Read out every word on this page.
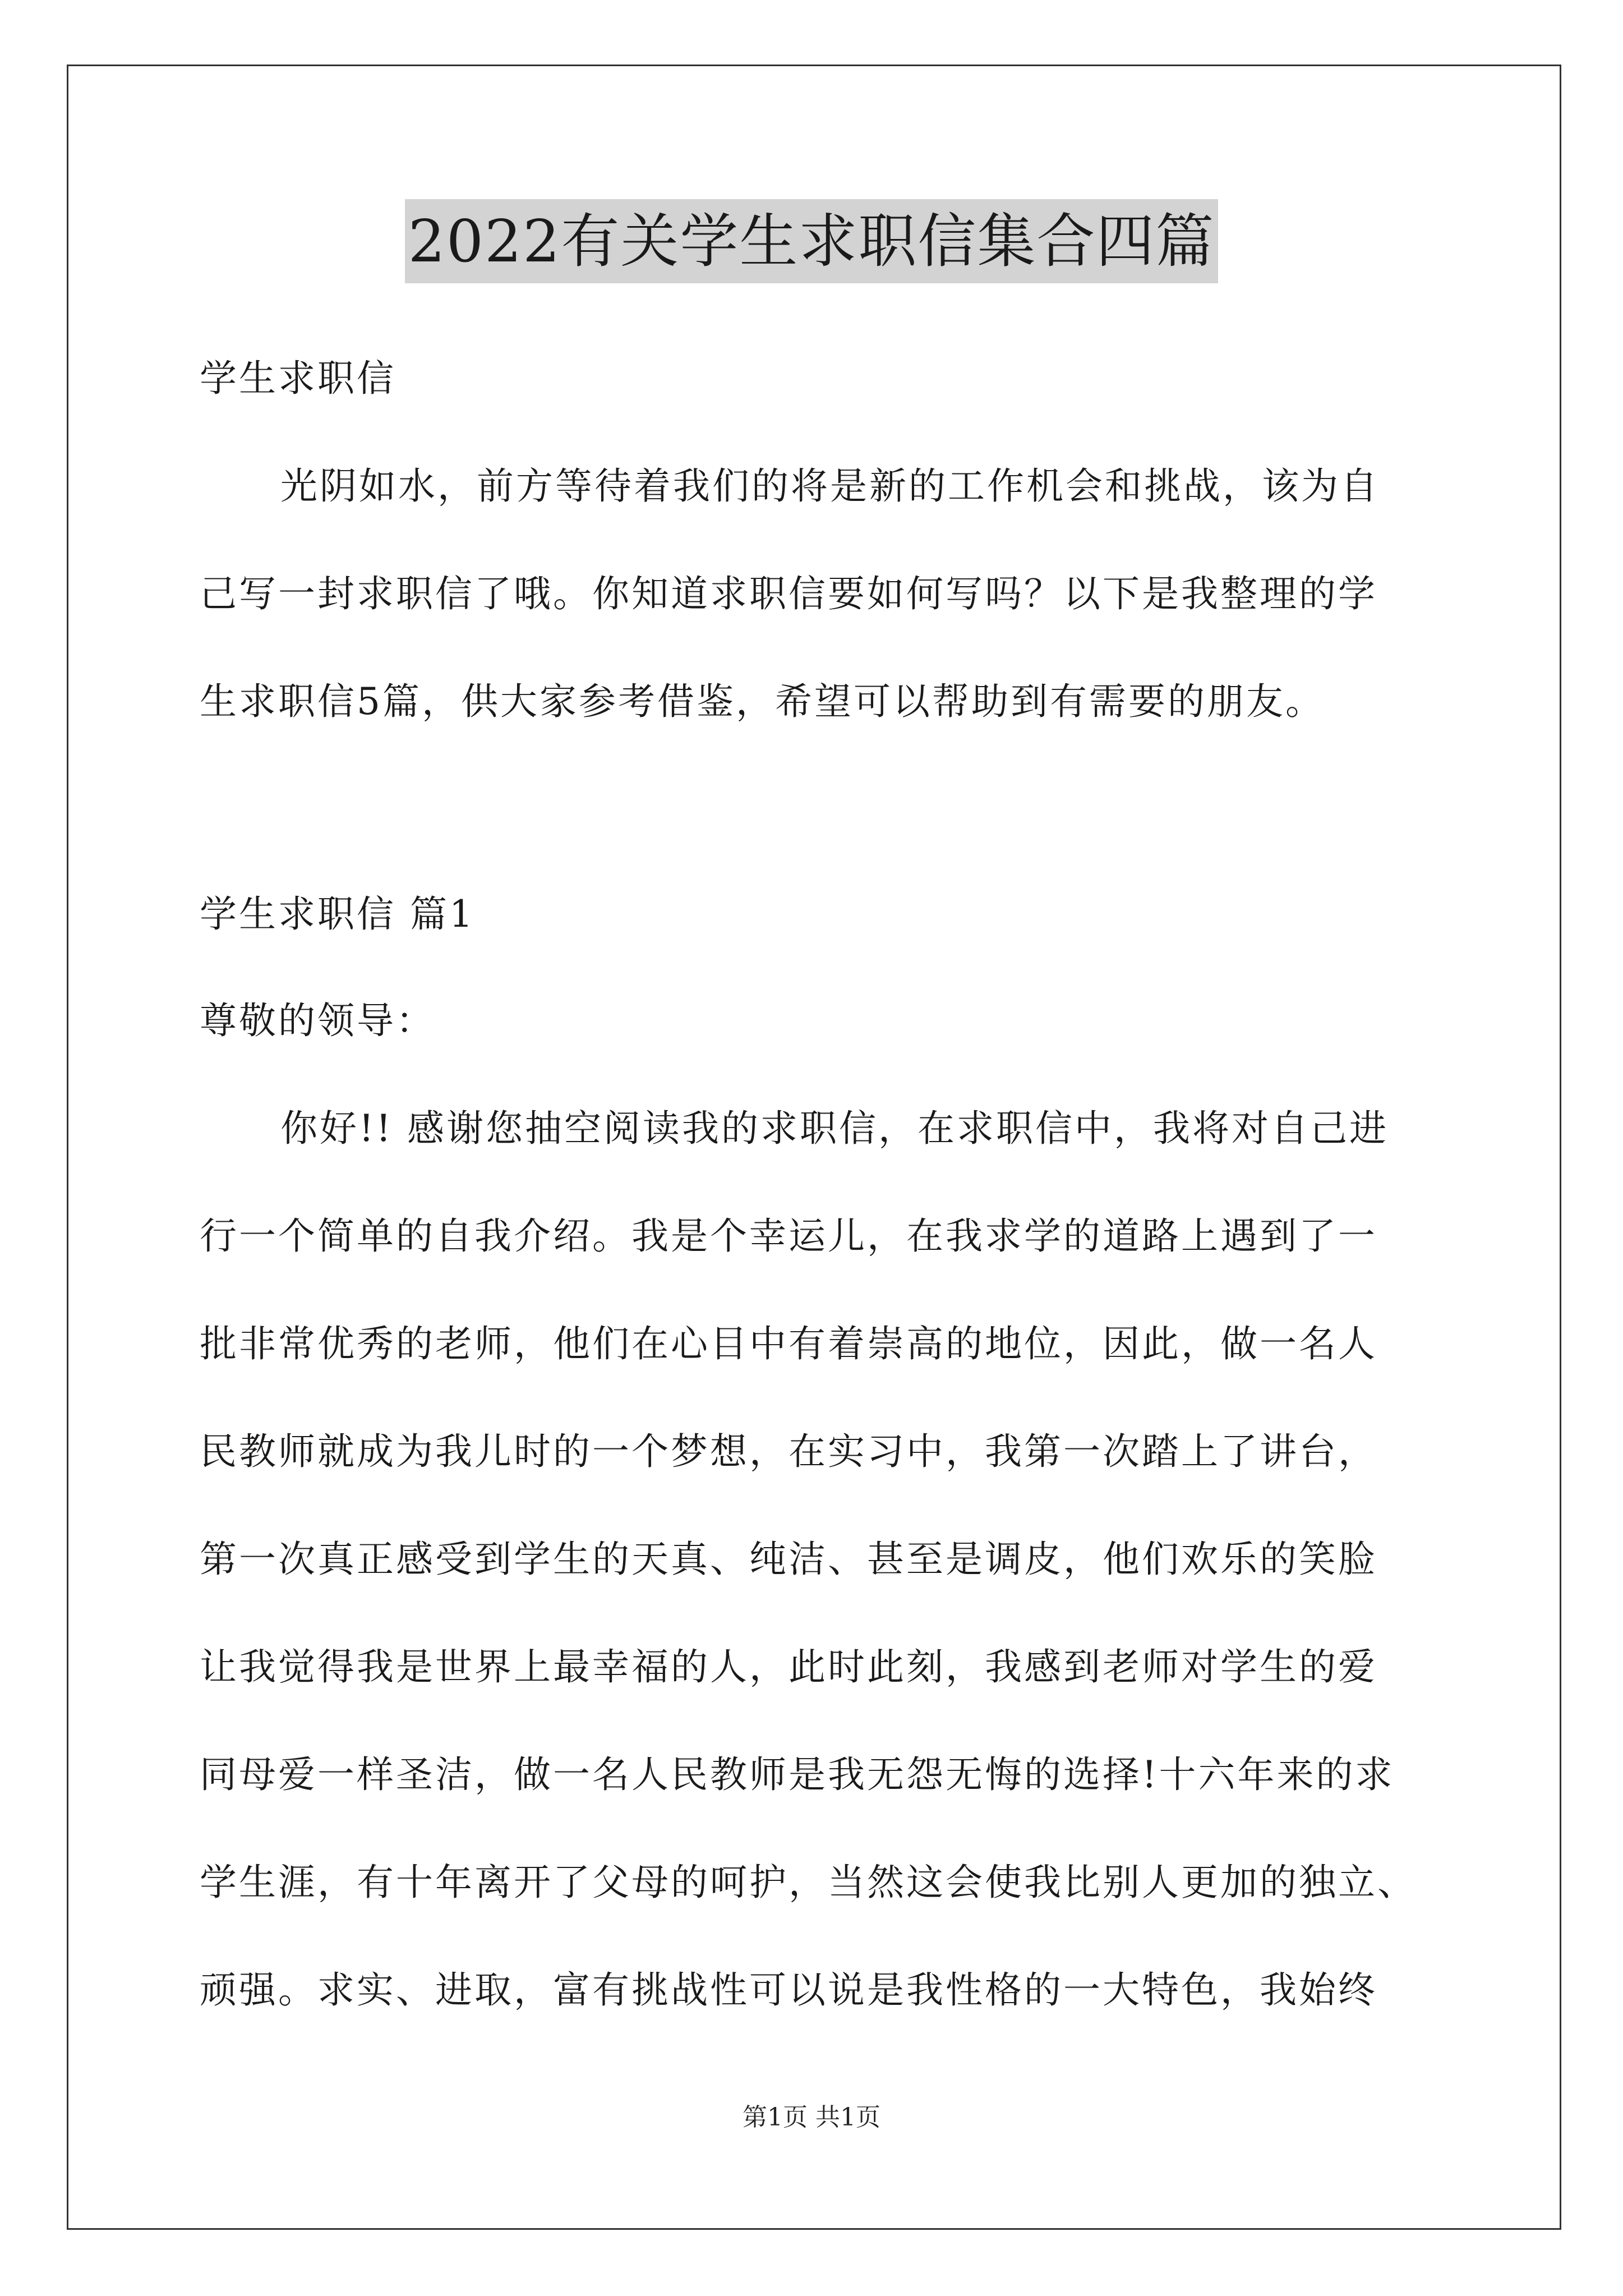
2022有关学生求职信集合四篇
学生求职信
光阴如水，前方等待着我们的将是新的工作机会和挑战，该为自
己写一封求职信了哦。你知道求职信要如何写吗？以下是我整理的学
生求职信5篇，供大家参考借鉴，希望可以帮助到有需要的朋友。
学生求职信 篇1
尊敬的领导：
你好!! 感谢您抽空阅读我的求职信，在求职信中，我将对自己进
行一个简单的自我介绍。我是个幸运儿，在我求学的道路上遇到了一
批非常优秀的老师，他们在心目中有着崇高的地位，因此，做一名人
民教师就成为我儿时的一个梦想，在实习中，我第一次踏上了讲台，
第一次真正感受到学生的天真、纯洁、甚至是调皮，他们欢乐的笑脸
让我觉得我是世界上最幸福的人，此时此刻，我感到老师对学生的爱
同母爱一样圣洁，做一名人民教师是我无怨无悔的选择!十六年来的求
学生涯，有十年离开了父母的呵护，当然这会使我比别人更加的独立、
顽强。求实、进取，富有挑战性可以说是我性格的一大特色，我始终
第1页 共1页
